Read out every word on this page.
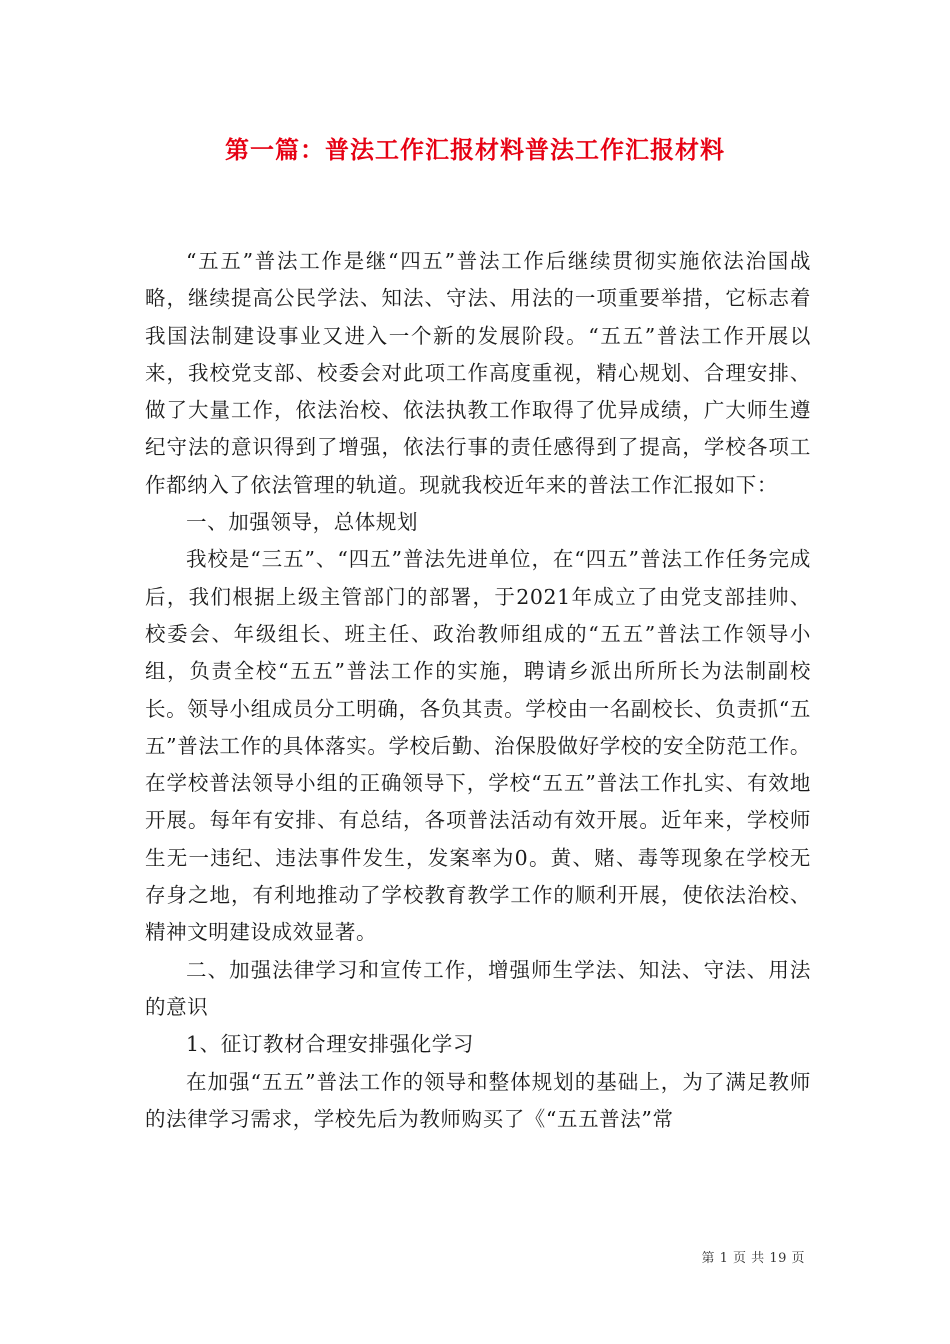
第一篇：普法工作汇报材料普法工作汇报材料

“五五”普法工作是继“四五”普法工作后继续贯彻实施依法治国战略，继续提高公民学法、知法、守法、用法的一项重要举措，它标志着我国法制建设事业又进入一个新的发展阶段。“五五”普法工作开展以来，我校党支部、校委会对此项工作高度重视，精心规划、合理安排、做了大量工作，依法治校、依法执教工作取得了优异成绩，广大师生遵纪守法的意识得到了增强，依法行事的责任感得到了提高，学校各项工作都纳入了依法管理的轨道。现就我校近年来的普法工作汇报如下：

一、加强领导，总体规划

我校是“三五”、“四五”普法先进单位，在“四五”普法工作任务完成后，我们根据上级主管部门的部署，于2021年成立了由党支部挂帅、校委会、年级组长、班主任、政治教师组成的“五五”普法工作领导小组，负责全校“五五”普法工作的实施，聘请乡派出所所长为法制副校长。领导小组成员分工明确，各负其责。学校由一名副校长、负责抓“五五”普法工作的具体落实。学校后勤、治保股做好学校的安全防范工作。在学校普法领导小组的正确领导下，学校“五五”普法工作扎实、有效地开展。每年有安排、有总结，各项普法活动有效开展。近年来，学校师生无一违纪、违法事件发生，发案率为0。黄、赌、毒等现象在学校无存身之地，有利地推动了学校教育教学工作的顺利开展，使依法治校、精神文明建设成效显著。

二、加强法律学习和宣传工作，增强师生学法、知法、守法、用法的意识

1、征订教材合理安排强化学习

在加强“五五”普法工作的领导和整体规划的基础上，为了满足教师的法律学习需求，学校先后为教师购买了《“五五普法”常

第 1 页 共 19 页
